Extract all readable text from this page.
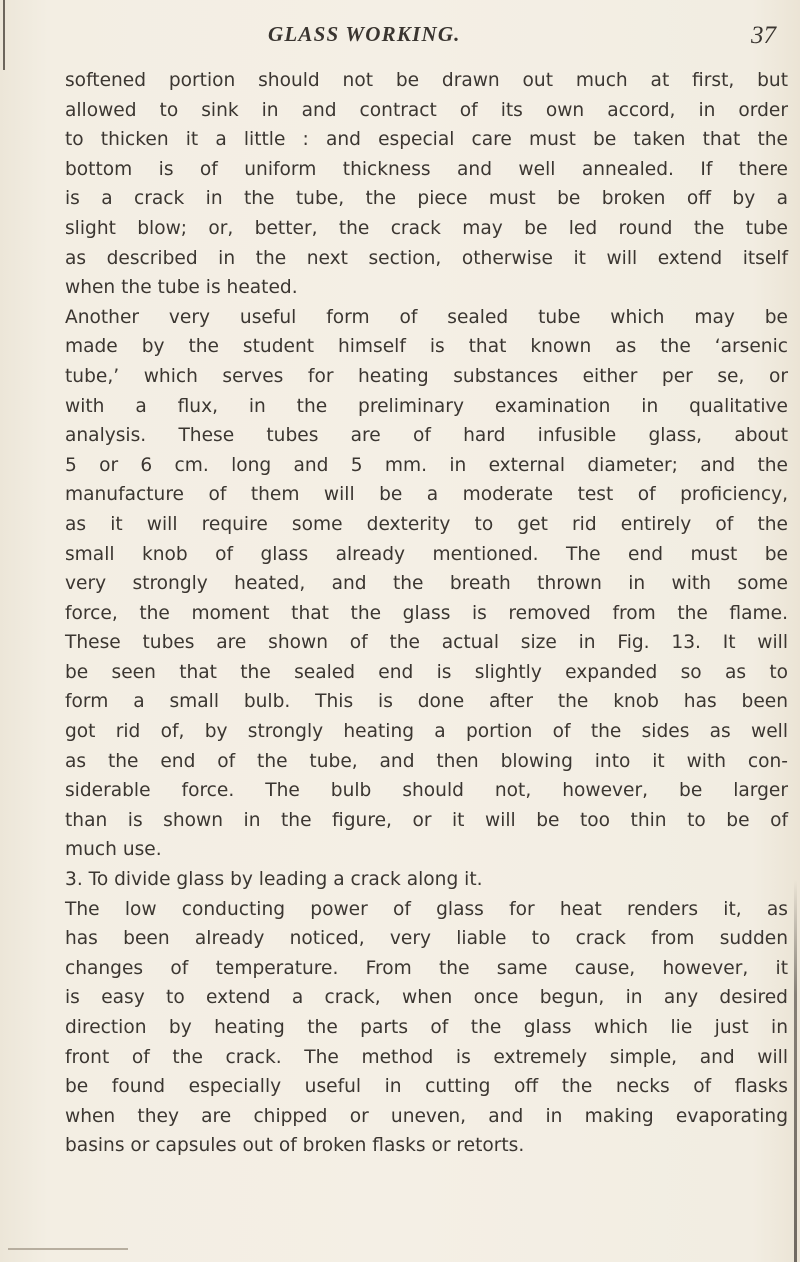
GLASS WORKING.	37

softened portion should not be drawn out much at first, but
allowed to sink in and contract of its own accord, in order
to thicken it a little : and especial care must be taken that the
bottom is of uniform thickness and well annealed. If there
is a crack in the tube, the piece must be broken off by a
slight blow; or, better, the crack may be led round the tube
as described in the next section, otherwise it will extend itself
when the tube is heated.

Another very useful form of sealed tube which may be
made by the student himself is that known as the ‘arsenic
tube,’ which serves for heating substances either per se, or
with a flux, in the preliminary examination in qualitative
analysis. These tubes are of hard infusible glass, about
5 or 6 cm. long and 5 mm. in external diameter; and the
manufacture of them will be a moderate test of proficiency,
as it will require some dexterity to get rid entirely of the
small knob of glass already mentioned. The end must be
very strongly heated, and the breath thrown in with some
force, the moment that the glass is removed from the flame.
These tubes are shown of the actual size in Fig. 13. It will
be seen that the sealed end is slightly expanded so as to
form a small bulb. This is done after the knob has been
got rid of, by strongly heating a portion of the sides as well
as the end of the tube, and then blowing into it with con-
siderable force. The bulb should not, however, be larger
than is shown in the figure, or it will be too thin to be of
much use.

3. To divide glass by leading a crack along it.

The low conducting power of glass for heat renders it, as
has been already noticed, very liable to crack from sudden
changes of temperature. From the same cause, however, it
is easy to extend a crack, when once begun, in any desired
direction by heating the parts of the glass which lie just in
front of the crack. The method is extremely simple, and will
be found especially useful in cutting off the necks of flasks
when they are chipped or uneven, and in making evaporating
basins or capsules out of broken flasks or retorts.
